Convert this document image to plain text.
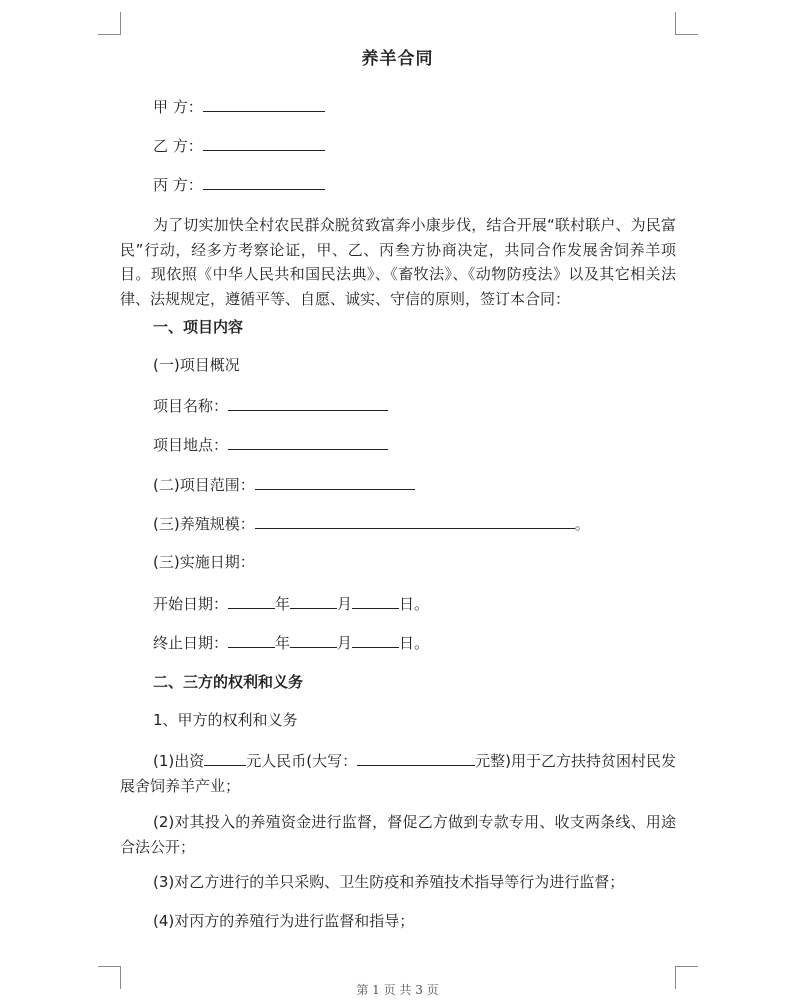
养羊合同
甲 方：
乙 方：
丙 方：
为了切实加快全村农民群众脱贫致富奔小康步伐，结合开展“联村联户、为民富民”行动，经多方考察论证，甲、乙、丙叁方协商决定，共同合作发展舍饲养羊项目。现依照《中华人民共和国民法典》、《畜牧法》、《动物防疫法》以及其它相关法律、法规规定，遵循平等、自愿、诚实、守信的原则，签订本合同：
一、项目内容
(一)项目概况
项目名称：
项目地点：
(二)项目范围：
(三)养殖规模：	。
(三)实施日期：
开始日期：	年	月	日。
终止日期：	年	月	日。
二、三方的权利和义务
1、甲方的权利和义务
(1)出资	元人民币(大写：	元整)用于乙方扶持贫困村民发展舍饲养羊产业；
(2)对其投入的养殖资金进行监督，督促乙方做到专款专用、收支两条线、用途合法公开；
(3)对乙方进行的羊只采购、卫生防疫和养殖技术指导等行为进行监督；
(4)对丙方的养殖行为进行监督和指导；
第 1 页 共 3 页
